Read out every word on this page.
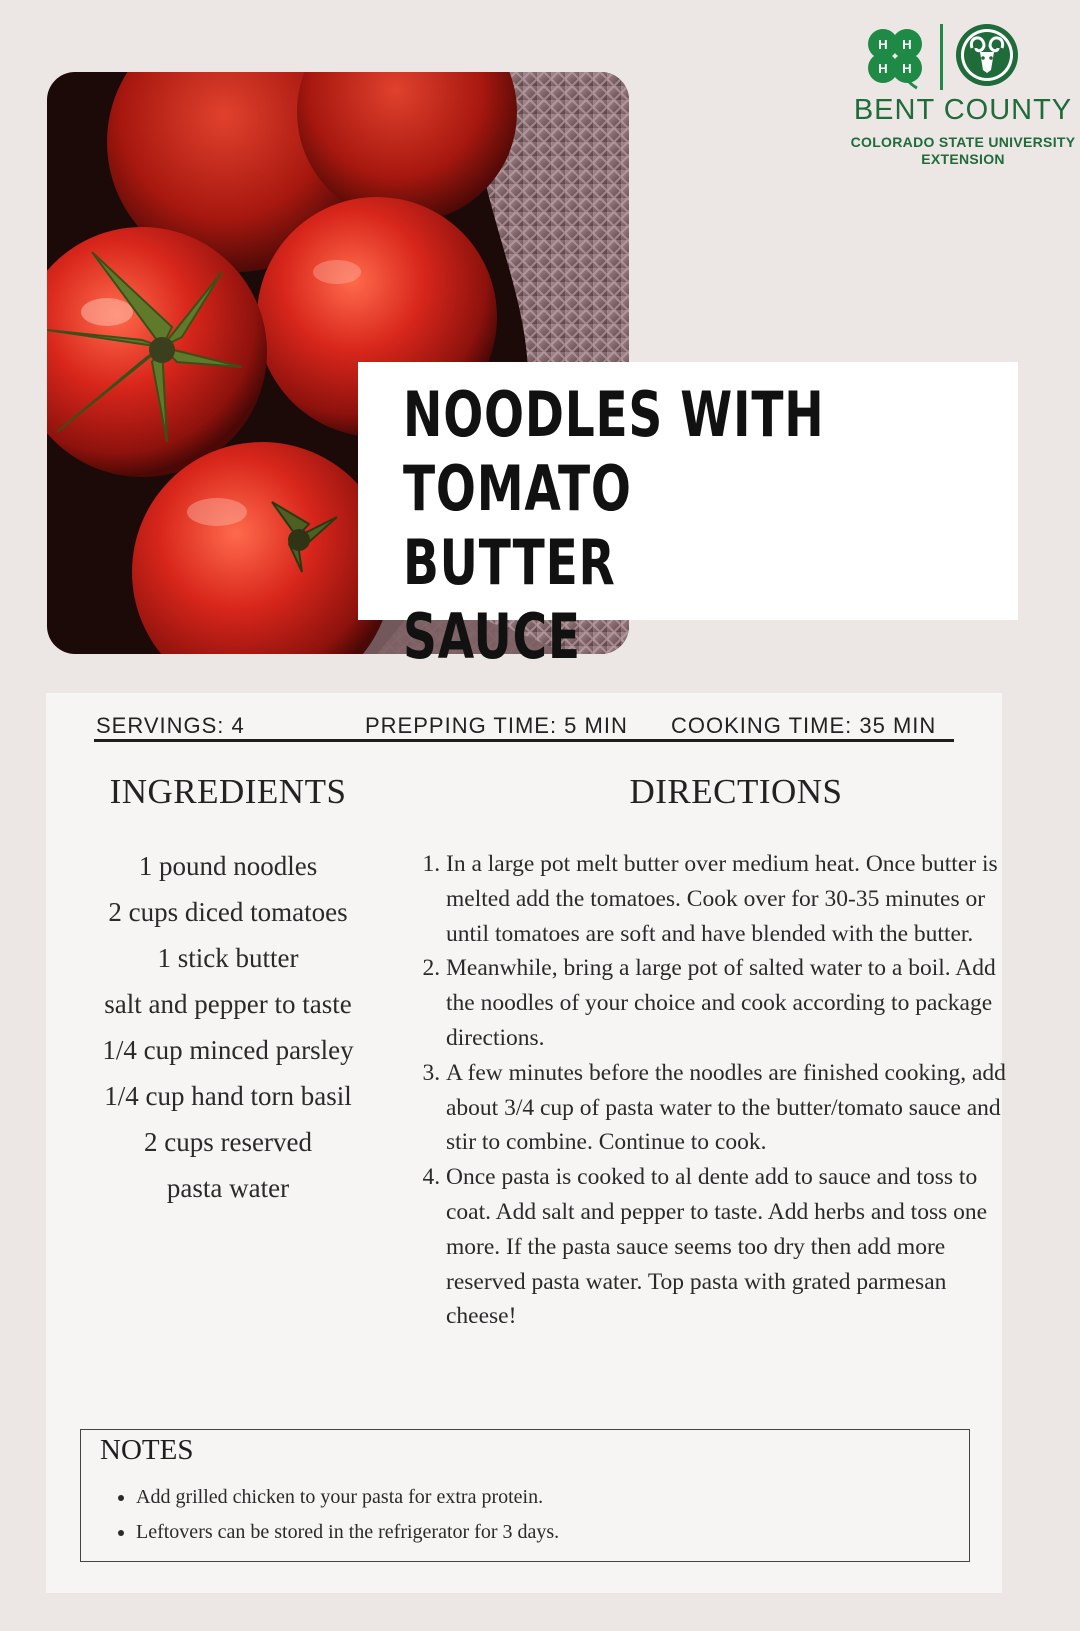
H H
H H
BENT COUNTY
COLORADO STATE UNIVERSITY
EXTENSION
NOODLES WITH
TOMATO BUTTER
SAUCE
SERVINGS: 4	PREPPING TIME: 5 MIN COOKING TIME: 35 MIN
INGREDIENTS	DIRECTIONS
1 pound noodles
2 cups diced tomatoes
1 stick butter
salt and pepper to taste
1/4 cup minced parsley
1/4 cup hand torn basil
2 cups reserved pasta water
1. In a large pot melt butter over medium heat. Once butter is melted add the tomatoes. Cook over for 30-35 minutes or until tomatoes are soft and have blended with the butter.
2. Meanwhile, bring a large pot of salted water to a boil. Add the noodles of your choice and cook according to package directions.
3. A few minutes before the noodles are finished cooking, add about 3/4 cup of pasta water to the butter/tomato sauce and stir to combine. Continue to cook.
4. Once pasta is cooked to al dente add to sauce and toss to coat. Add salt and pepper to taste. Add herbs and toss one more. If the pasta sauce seems too dry then add more reserved pasta water. Top pasta with grated parmesan cheese!
NOTES
• Add grilled chicken to your pasta for extra protein.
• Leftovers can be stored in the refrigerator for 3 days.
